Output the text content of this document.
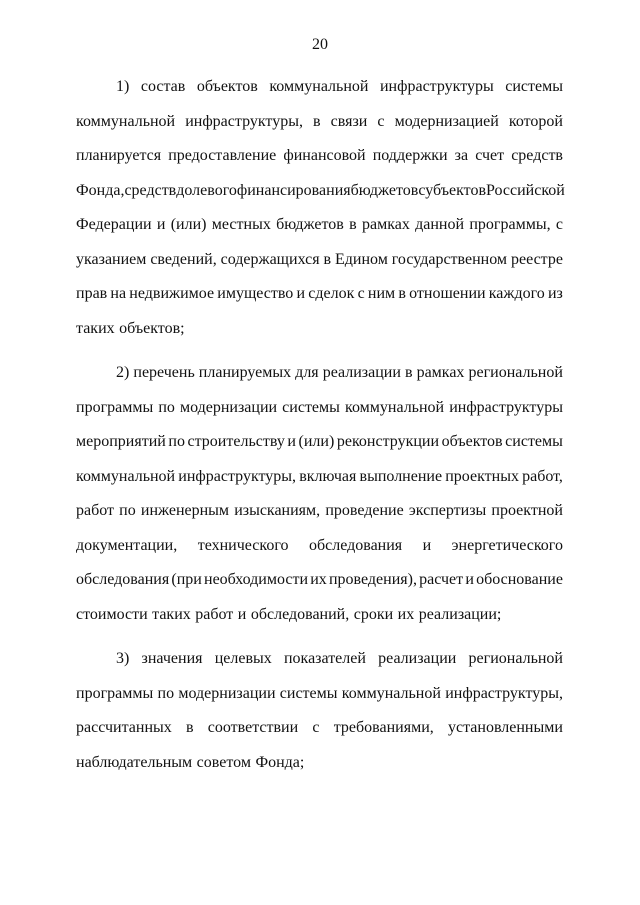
20
1) состав объектов коммунальной инфраструктуры системы
коммунальной инфраструктуры, в связи с модернизацией которой
планируется предоставление финансовой поддержки за счет средств
Фонда, средств долевого финансирования бюджетов субъектов Российской
Федерации и (или) местных бюджетов в рамках данной программы, с
указанием сведений, содержащихся в Едином государственном реестре
прав на недвижимое имущество и сделок с ним в отношении каждого из
таких объектов;
2) перечень планируемых для реализации в рамках региональной
программы по модернизации системы коммунальной инфраструктуры
мероприятий по строительству и (или) реконструкции объектов системы
коммунальной инфраструктуры, включая выполнение проектных работ,
работ по инженерным изысканиям, проведение экспертизы проектной
документации, технического обследования и энергетического
обследования (при необходимости их проведения), расчет и обоснование
стоимости таких работ и обследований, сроки их реализации;
3) значения целевых показателей реализации региональной
программы по модернизации системы коммунальной инфраструктуры,
рассчитанных в соответствии с требованиями, установленными
наблюдательным советом Фонда;
